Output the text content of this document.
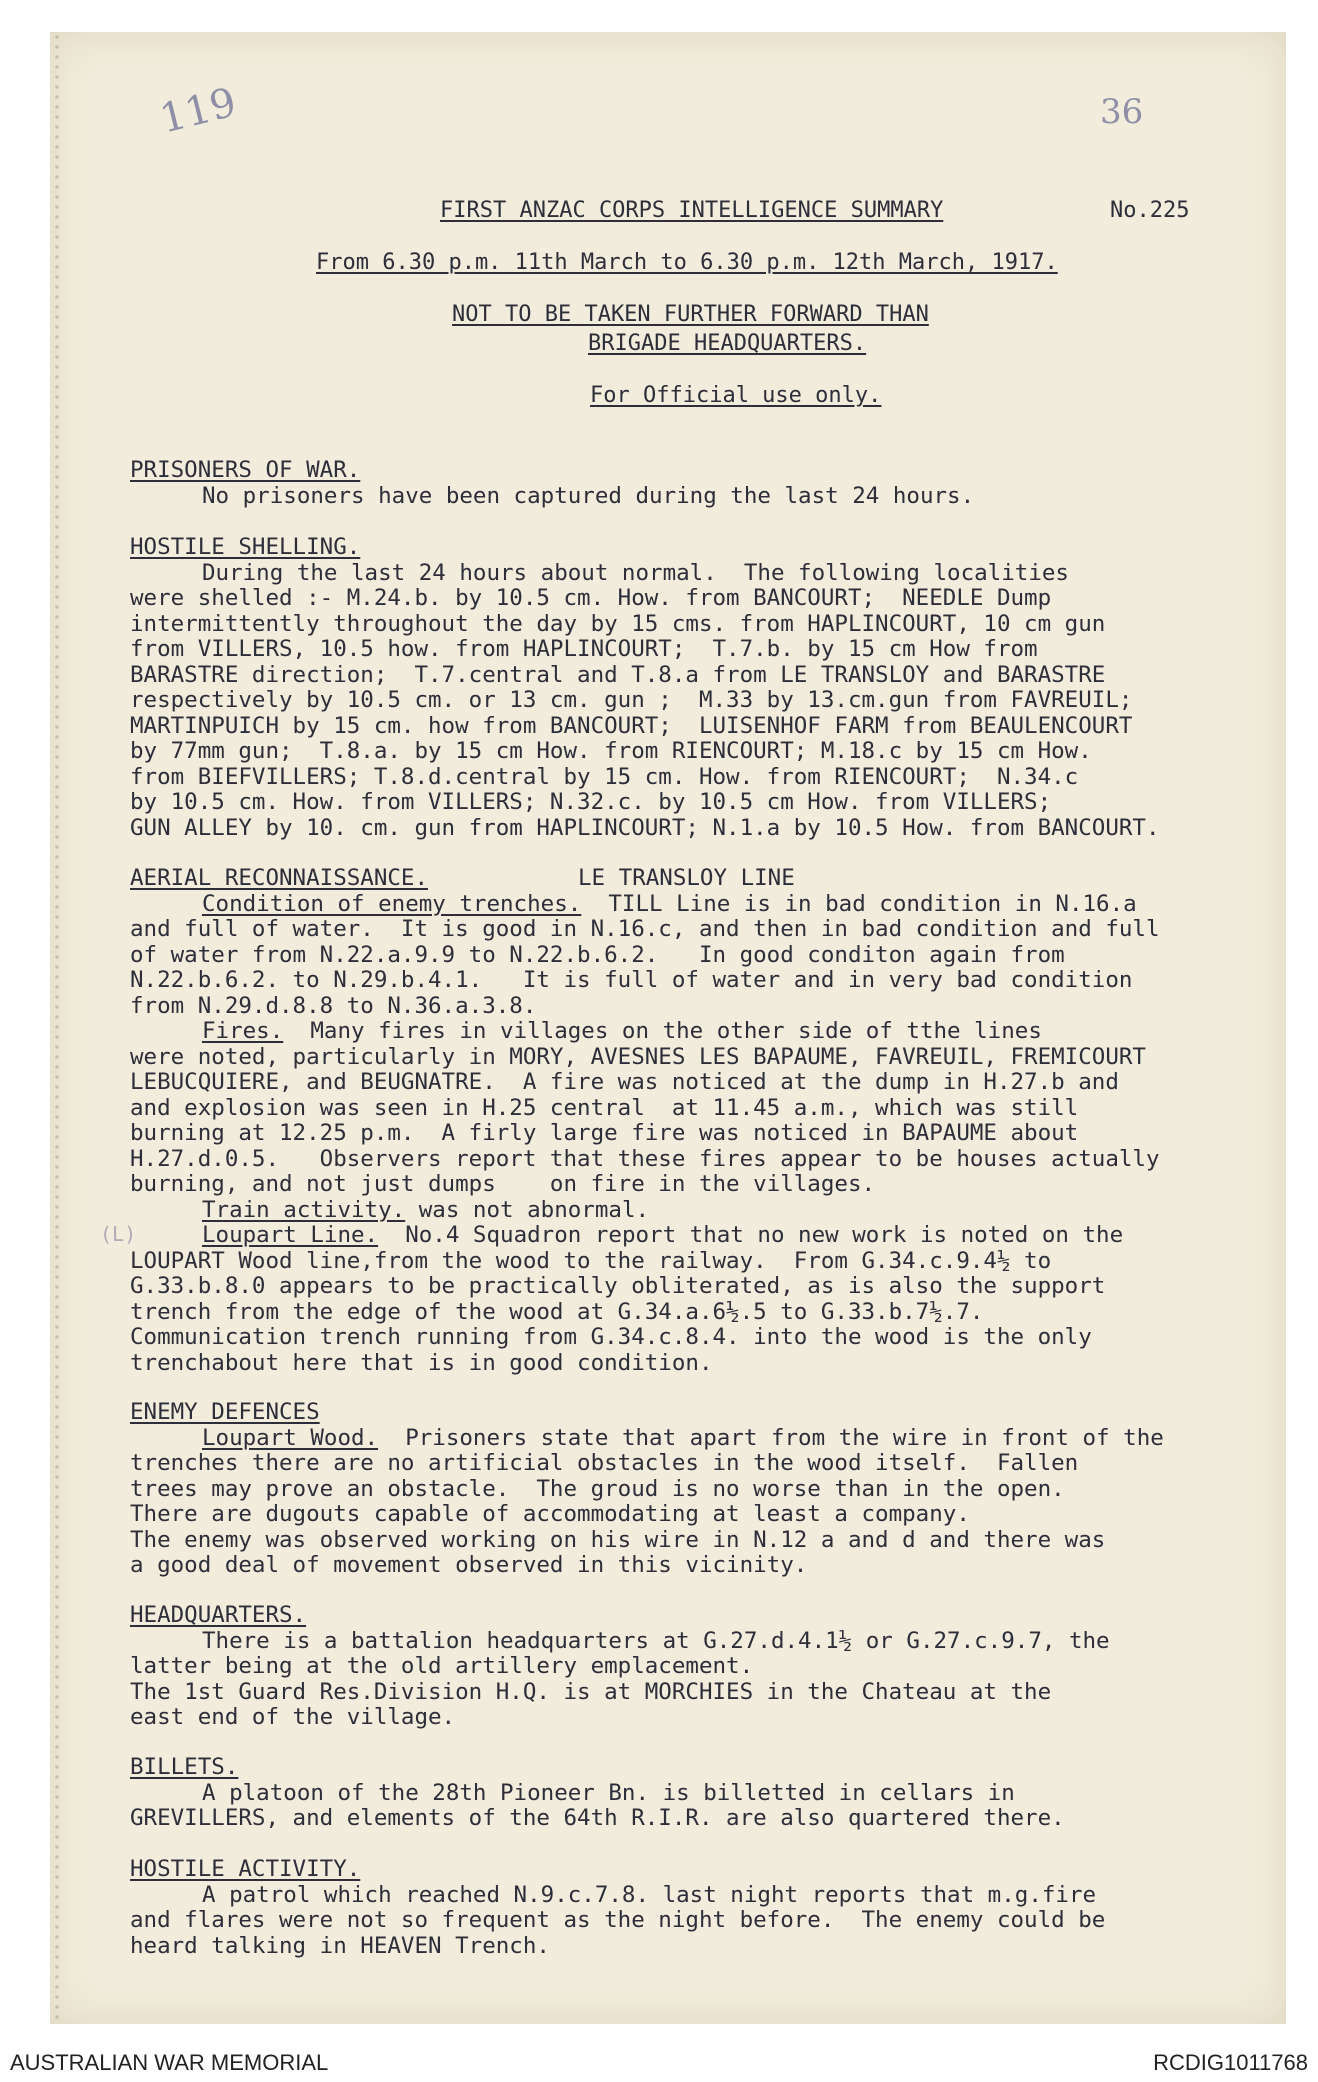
119	36
FIRST ANZAC CORPS INTELLIGENCE SUMMARY	No.225
From 6.30 p.m. 11th March to 6.30 p.m. 12th March, 1917.
NOT TO BE TAKEN FURTHER FORWARD THAN
BRIGADE HEADQUARTERS.
For Official use only.
PRISONERS OF WAR.
No prisoners have been captured during the last 24 hours.
HOSTILE SHELLING.
During the last 24 hours about normal.  The following localities
were shelled :- M.24.b. by 10.5 cm. How. from BANCOURT;  NEEDLE Dump
intermittently throughout the day by 15 cms. from HAPLINCOURT, 10 cm gun
from VILLERS, 10.5 how. from HAPLINCOURT;  T.7.b. by 15 cm How from
BARASTRE direction;  T.7.central and T.8.a from LE TRANSLOY and BARASTRE
respectively by 10.5 cm. or 13 cm. gun ;  M.33 by 13.cm.gun from FAVREUIL;
MARTINPUICH by 15 cm. how from BANCOURT;  LUISENHOF FARM from BEAULENCOURT
by 77mm gun;  T.8.a. by 15 cm How. from RIENCOURT; M.18.c by 15 cm How.
from BIEFVILLERS; T.8.d.central by 15 cm. How. from RIENCOURT;  N.34.c
by 10.5 cm. How. from VILLERS; N.32.c. by 10.5 cm How. from VILLERS;
GUN ALLEY by 10. cm. gun from HAPLINCOURT; N.1.a by 10.5 How. from BANCOURT.
AERIAL RECONNAISSANCE.	LE TRANSLOY LINE
Condition of enemy trenches.  TILL Line is in bad condition in N.16.a
and full of water.  It is good in N.16.c, and then in bad condition and full
of water from N.22.a.9.9 to N.22.b.6.2.   In good conditon again from
N.22.b.6.2. to N.29.b.4.1.   It is full of water and in very bad condition
from N.29.d.8.8 to N.36.a.3.8.
Fires.  Many fires in villages on the other side of tthe lines
were noted, particularly in MORY, AVESNES LES BAPAUME, FAVREUIL, FREMICOURT
LEBUCQUIERE, and BEUGNATRE.  A fire was noticed at the dump in H.27.b and
and explosion was seen in H.25 central  at 11.45 a.m., which was still
burning at 12.25 p.m.  A firly large fire was noticed in BAPAUME about
H.27.d.0.5.   Observers report that these fires appear to be houses actually
burning, and not just dumps    on fire in the villages.
Train activity. was not abnormal.
Loupart Line.  No.4 Squadron report that no new work is noted on the
LOUPART Wood line,from the wood to the railway.  From G.34.c.9.4½ to
G.33.b.8.0 appears to be practically obliterated, as is also the support
trench from the edge of the wood at G.34.a.6½.5 to G.33.b.7½.7.
Communication trench running from G.34.c.8.4. into the wood is the only
trenchabout here that is in good condition.
(L)
ENEMY DEFENCES
Loupart Wood.  Prisoners state that apart from the wire in front of the
trenches there are no artificial obstacles in the wood itself.  Fallen
trees may prove an obstacle.  The groud is no worse than in the open.
There are dugouts capable of accommodating at least a company.
The enemy was observed working on his wire in N.12 a and d and there was
a good deal of movement observed in this vicinity.
HEADQUARTERS.
There is a battalion headquarters at G.27.d.4.1½ or G.27.c.9.7, the
latter being at the old artillery emplacement.
The 1st Guard Res.Division H.Q. is at MORCHIES in the Chateau at the
east end of the village.
BILLETS.
A platoon of the 28th Pioneer Bn. is billetted in cellars in
GREVILLERS, and elements of the 64th R.I.R. are also quartered there.
HOSTILE ACTIVITY.
A patrol which reached N.9.c.7.8. last night reports that m.g.fire
and flares were not so frequent as the night before.  The enemy could be
heard talking in HEAVEN Trench.
AUSTRALIAN WAR MEMORIAL	RCDIG1011768
